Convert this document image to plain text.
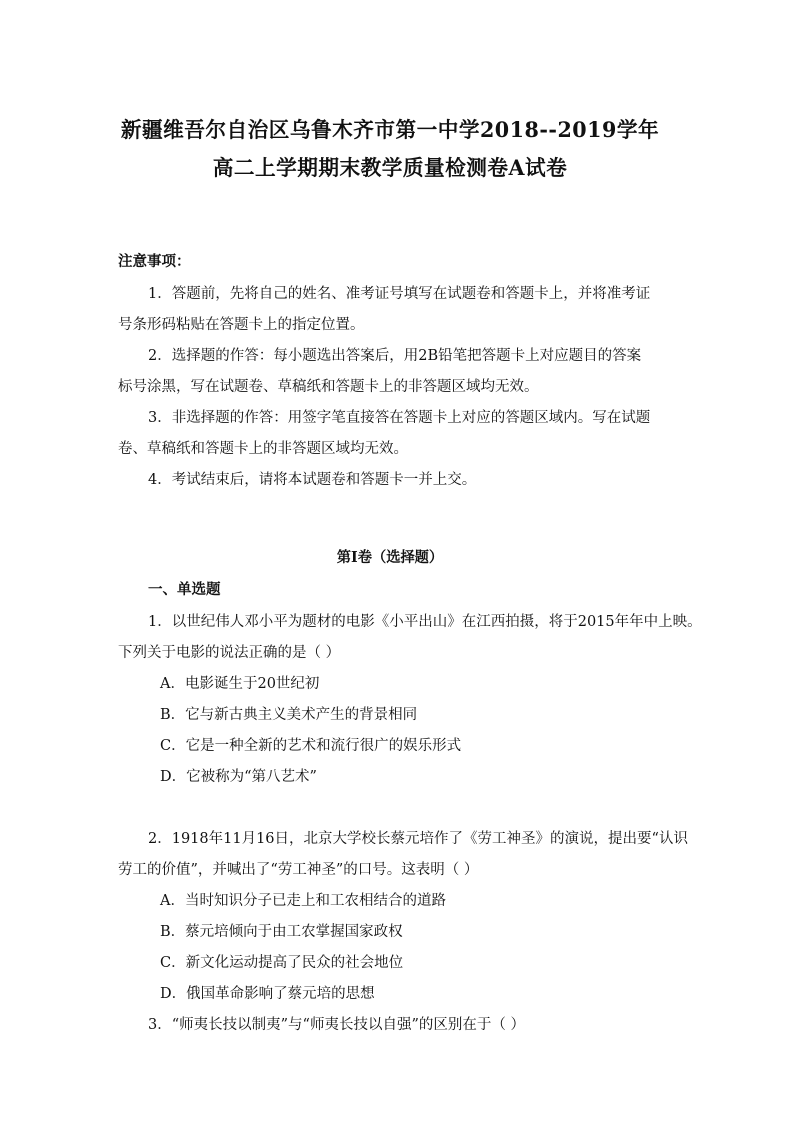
新疆维吾尔自治区乌鲁木齐市第一中学2018--2019学年
高二上学期期末教学质量检测卷A试卷
注意事项：
1．答题前，先将自己的姓名、准考证号填写在试题卷和答题卡上，并将准考证
号条形码粘贴在答题卡上的指定位置。
2．选择题的作答：每小题选出答案后，用2B铅笔把答题卡上对应题目的答案
标号涂黑，写在试题卷、草稿纸和答题卡上的非答题区域均无效。
3．非选择题的作答：用签字笔直接答在答题卡上对应的答题区域内。写在试题
卷、草稿纸和答题卡上的非答题区域均无效。
4．考试结束后，请将本试题卷和答题卡一并上交。
第Ⅰ卷（选择题）
一、单选题
1．以世纪伟人邓小平为题材的电影《小平出山》在江西拍摄，将于2015年年中上映。
下列关于电影的说法正确的是（ ）
A．电影诞生于20世纪初
B．它与新古典主义美术产生的背景相同
C．它是一种全新的艺术和流行很广的娱乐形式
D．它被称为“第八艺术”
2．1918年11月16日，北京大学校长蔡元培作了《劳工神圣》的演说，提出要“认识
劳工的价值”，并喊出了“劳工神圣”的口号。这表明（ ）
A．当时知识分子已走上和工农相结合的道路
B．蔡元培倾向于由工农掌握国家政权
C．新文化运动提高了民众的社会地位
D．俄国革命影响了蔡元培的思想
3．“师夷长技以制夷”与“师夷长技以自强”的区别在于（ ）
